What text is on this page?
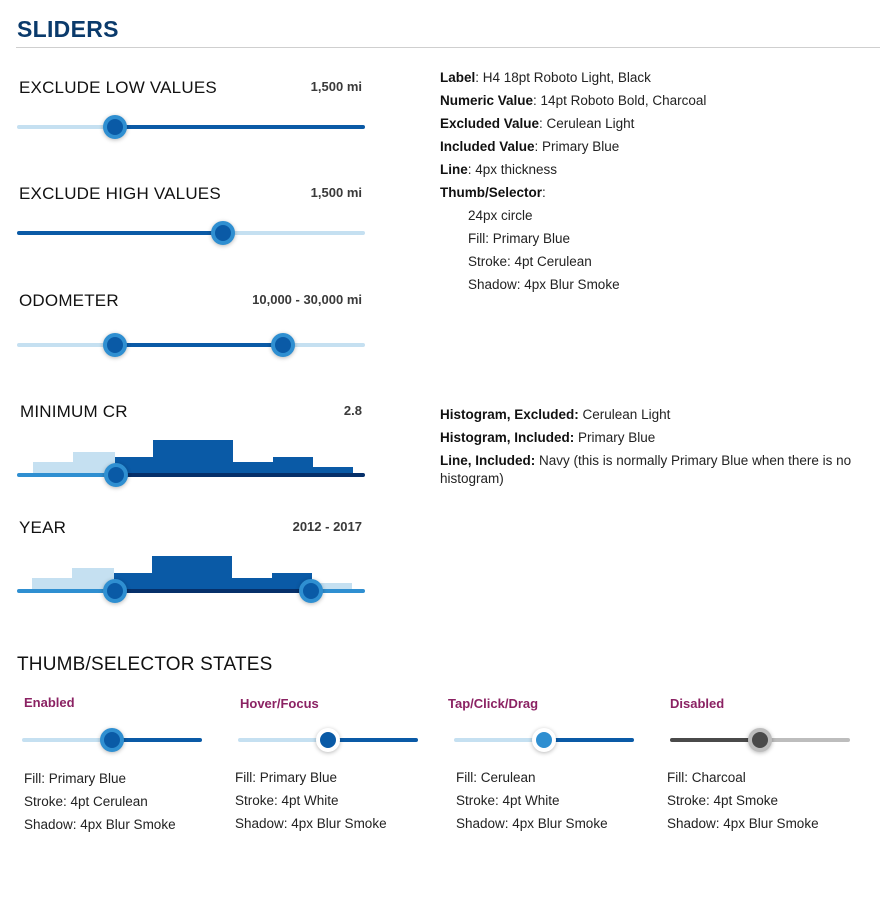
SLIDERS
EXCLUDE LOW VALUES	1,500 mi
EXCLUDE HIGH VALUES	1,500 mi
ODOMETER	10,000 - 30,000 mi
MINIMUM CR	2.8
YEAR	2012 - 2017
Label: H4 18pt Roboto Light, Black
Numeric Value: 14pt Roboto Bold, Charcoal
Excluded Value: Cerulean Light
Included Value: Primary Blue
Line: 4px thickness
Thumb/Selector:
24px circle
Fill: Primary Blue
Stroke: 4pt Cerulean
Shadow: 4px Blur Smoke
Histogram, Excluded: Cerulean Light
Histogram, Included: Primary Blue
Line, Included: Navy (this is normally Primary Blue when there is no
histogram)
THUMB/SELECTOR STATES
Enabled
Fill: Primary Blue
Stroke: 4pt Cerulean
Shadow: 4px Blur Smoke
Hover/Focus
Fill: Primary Blue
Stroke: 4pt White
Shadow: 4px Blur Smoke
Tap/Click/Drag
Fill: Cerulean
Stroke: 4pt White
Shadow: 4px Blur Smoke
Disabled
Fill: Charcoal
Stroke: 4pt Smoke
Shadow: 4px Blur Smoke
